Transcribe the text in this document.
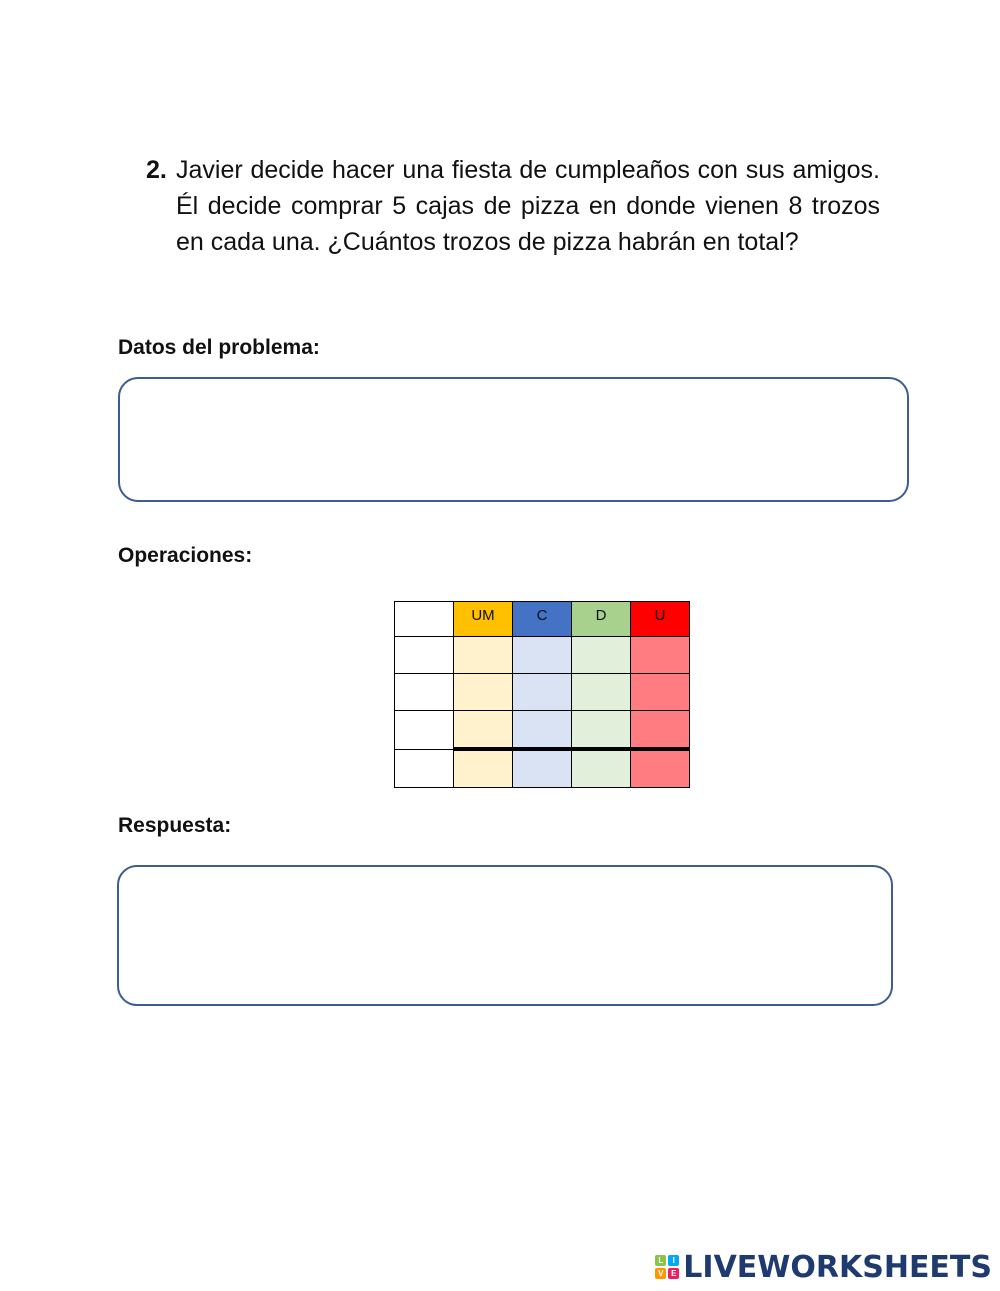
2. Javier decide hacer una fiesta de cumpleaños con sus amigos. Él decide comprar 5 cajas de pizza en donde vienen 8 trozos en cada una. ¿Cuántos trozos de pizza habrán en total?
Datos del problema:
Operaciones:
	UM	C	D	U

Respuesta:
L	I
V E LIVEWORKSHEETS
